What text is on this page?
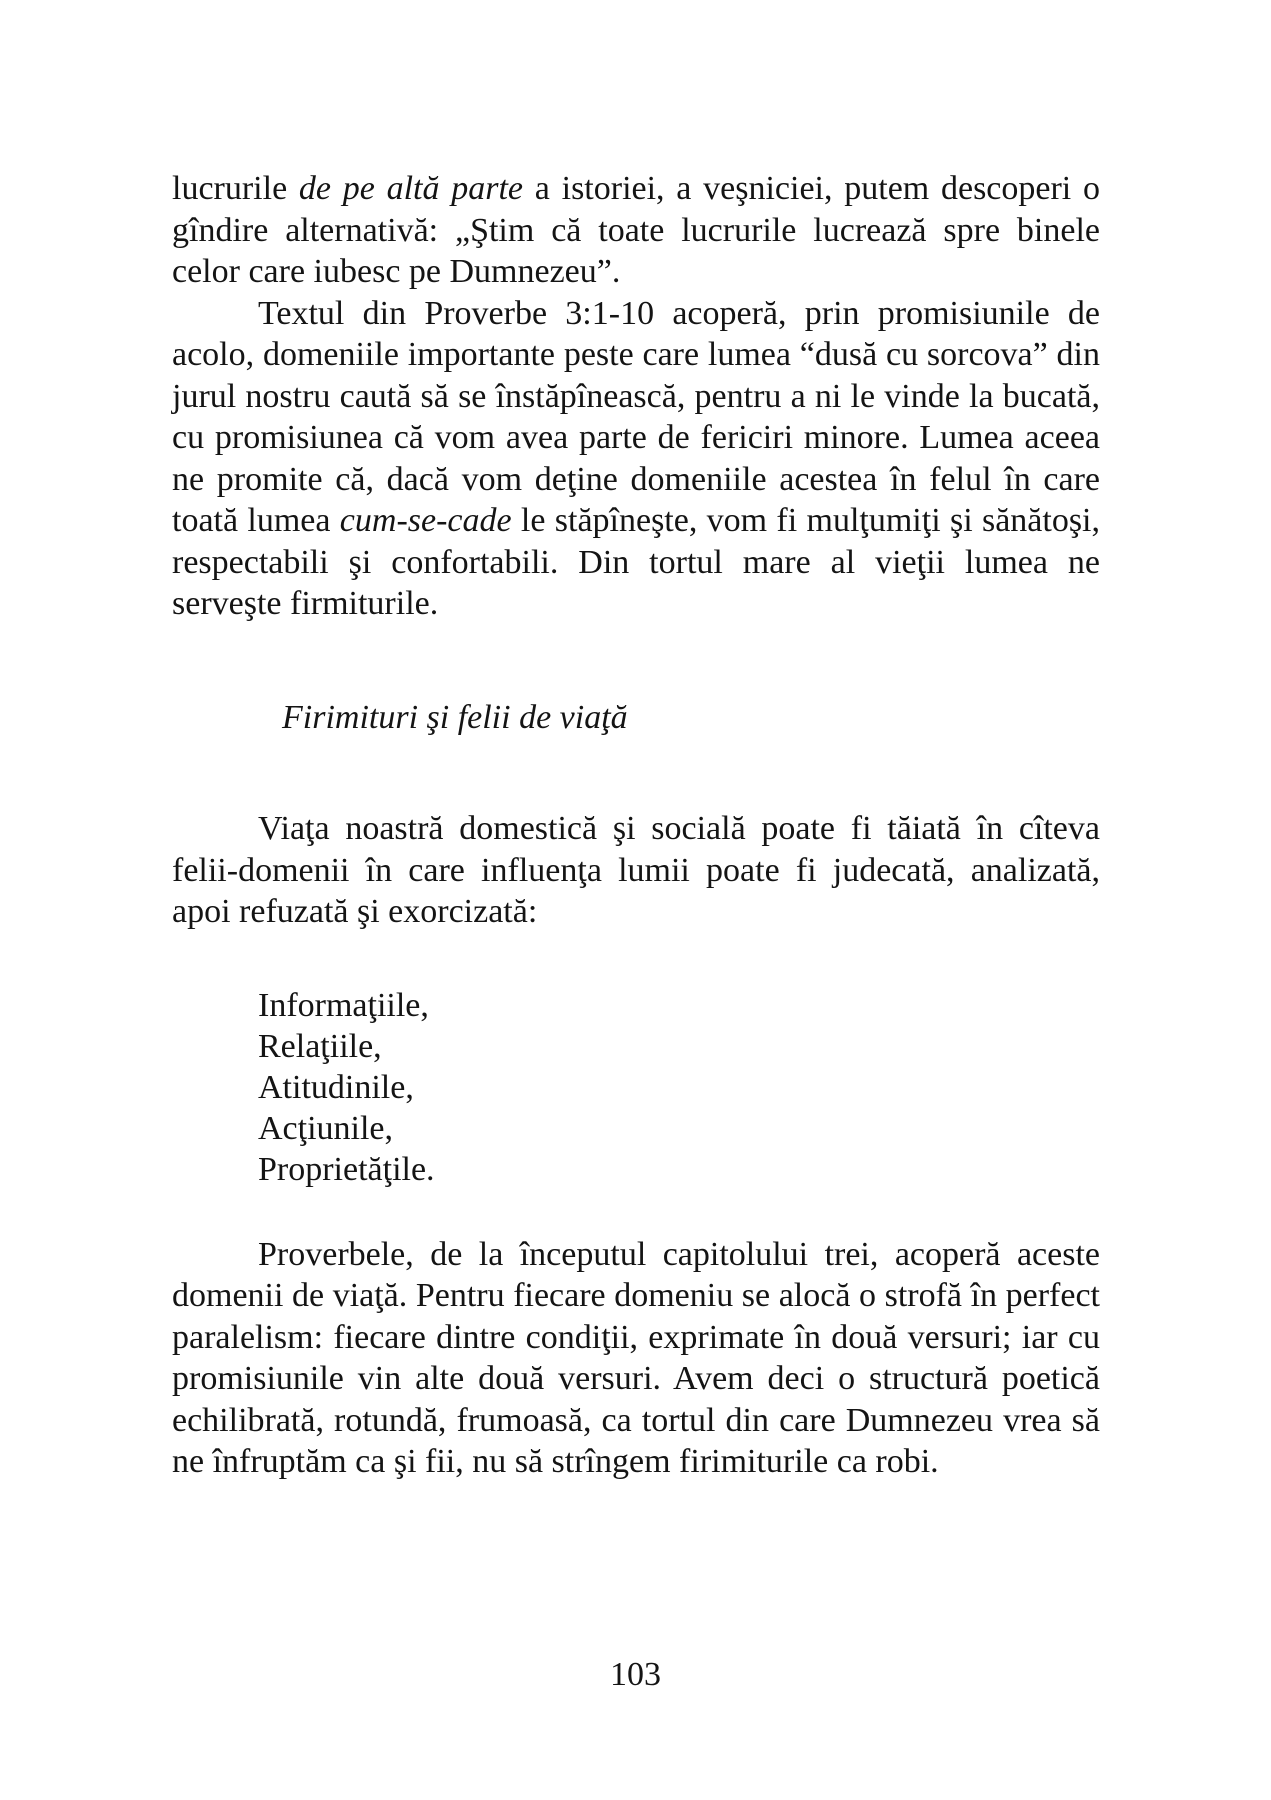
lucrurile de pe altă parte a istoriei, a veşniciei, putem descoperi o gîndire alternativă: „Ştim că toate lucrurile lucrează spre binele celor care iubesc pe Dumnezeu”.

Textul din Proverbe 3:1-10 acoperă, prin promisiunile de acolo, domeniile importante peste care lumea “dusă cu sorcova” din jurul nostru caută să se înstăpînească, pentru a ni le vinde la bucată, cu promisiunea că vom avea parte de fericiri minore. Lumea aceea ne promite că, dacă vom deţine domeniile acestea în felul în care toată lumea cum-se-cade le stăpîneşte, vom fi mulţumiţi şi sănătoşi, respectabili şi confortabili. Din tortul mare al vieţii lumea ne serveşte firmiturile.

Firimituri şi felii de viaţă

Viaţa noastră domestică şi socială poate fi tăiată în cîteva felii-domenii în care influenţa lumii poate fi judecată, analizată, apoi refuzată şi exorcizată:

Informaţiile,
Relaţiile,
Atitudinile,
Acţiunile,
Proprietăţile.

Proverbele, de la începutul capitolului trei, acoperă aceste domenii de viaţă. Pentru fiecare domeniu se alocă o strofă în perfect paralelism: fiecare dintre condiţii, exprimate în două versuri; iar cu promisiunile vin alte două versuri. Avem deci o structură poetică echilibrată, rotundă, frumoasă, ca tortul din care Dumnezeu vrea să ne înfruptăm ca şi fii, nu să strîngem firimiturile ca robi.

103
